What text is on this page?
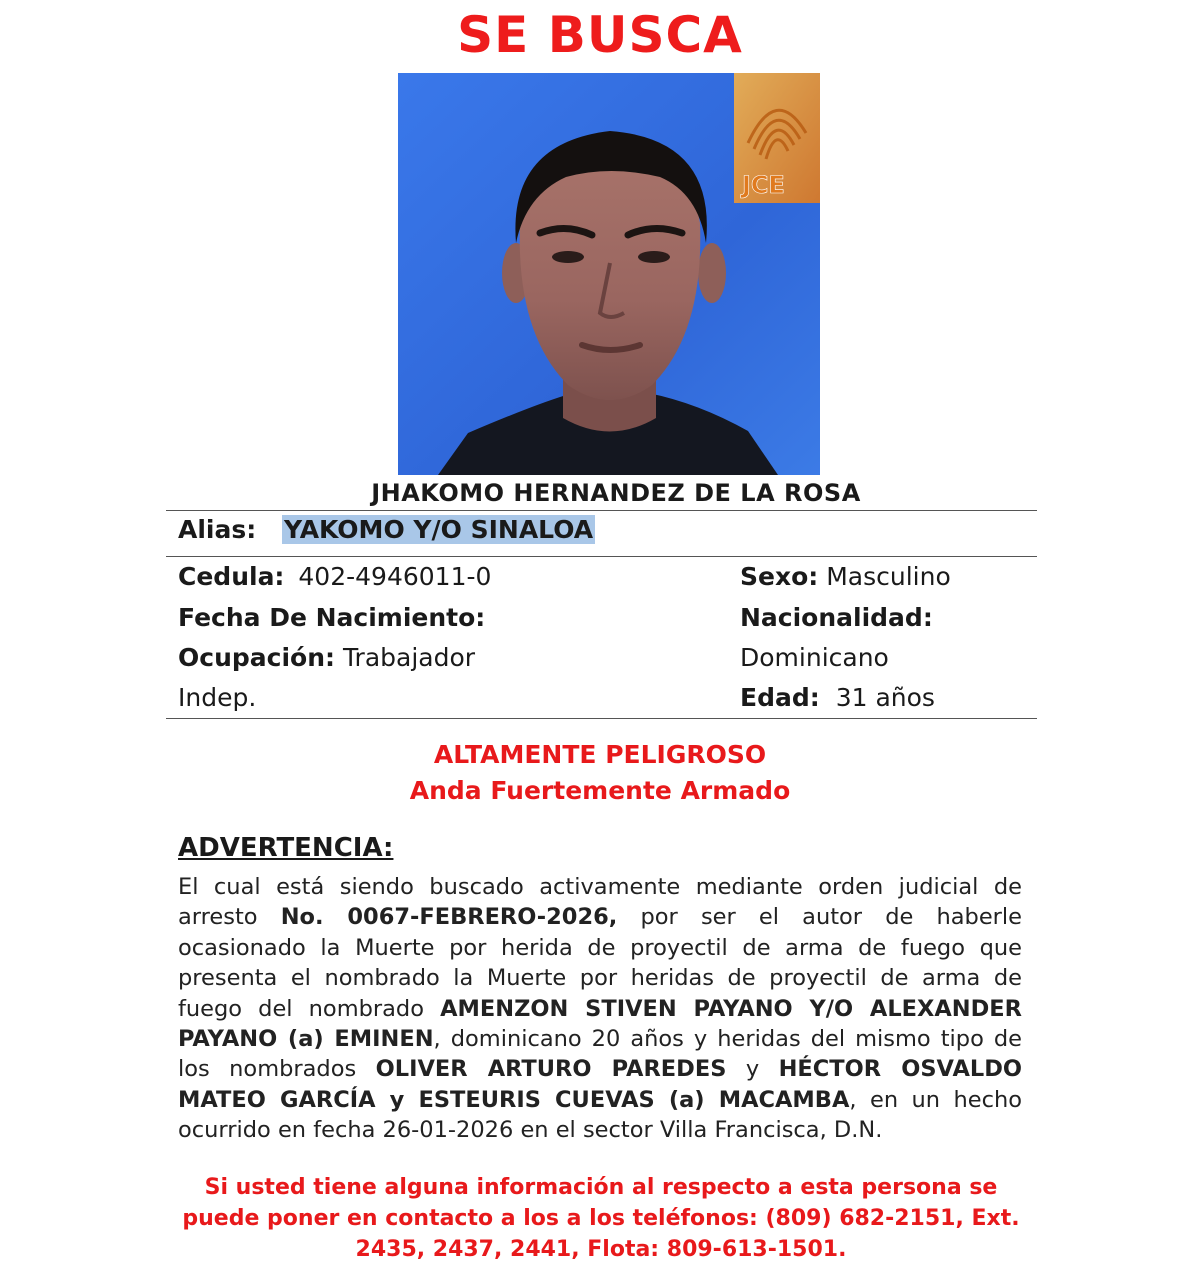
SE BUSCA
JCE
JHAKOMO HERNANDEZ DE LA ROSA
Alias: YAKOMO Y/O SINALOA
Cedula: 402-4946011-0
Fecha De Nacimiento:
Ocupación: Trabajador
Indep.
Sexo: Masculino
Nacionalidad:
Dominicano
Edad: 31 años
ALTAMENTE PELIGROSO
Anda Fuertemente Armado
ADVERTENCIA:
El cual está siendo buscado activamente mediante orden judicial de arresto No. 0067-FEBRERO-2026, por ser el autor de haberle ocasionado la Muerte por herida de proyectil de arma de fuego que presenta el nombrado la Muerte por heridas de proyectil de arma de fuego del nombrado AMENZON STIVEN PAYANO Y/O ALEXANDER PAYANO (a) EMINEN, dominicano 20 años y heridas del mismo tipo de los nombrados OLIVER ARTURO PAREDES y HÉCTOR OSVALDO MATEO GARCÍA y ESTEURIS CUEVAS (a) MACAMBA, en un hecho ocurrido en fecha 26-01-2026 en el sector Villa Francisca, D.N.
Si usted tiene alguna información al respecto a esta persona se puede poner en contacto a los a los teléfonos: (809) 682-2151, Ext. 2435, 2437, 2441, Flota: 809-613-1501.
